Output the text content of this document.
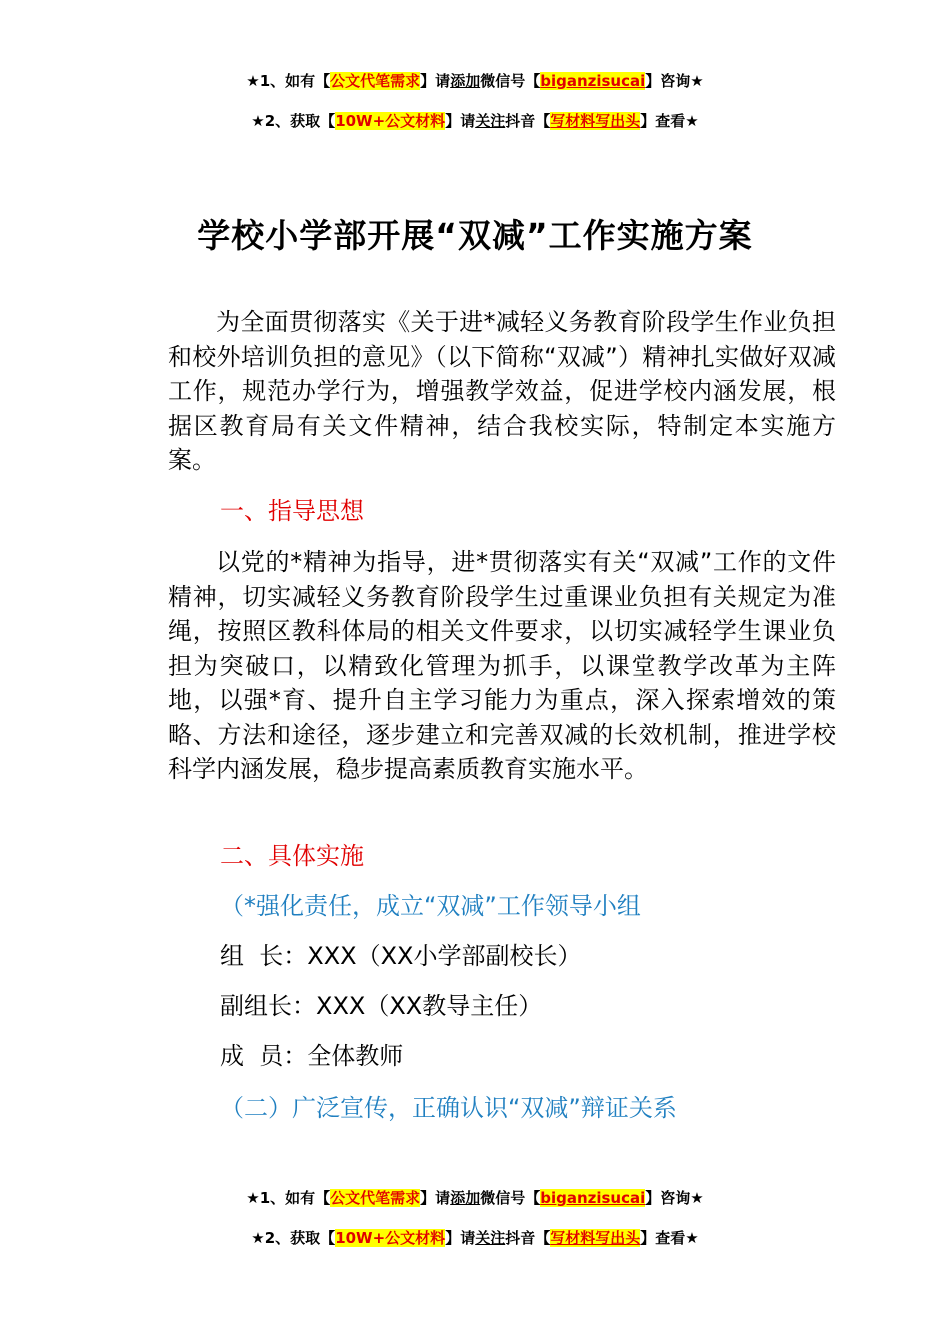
★1、如有【公文代笔需求】请添加微信号【biganzisucai】咨询★
★2、获取【10W+公文材料】请关注抖音【写材料写出头】查看★
学校小学部开展“双减”工作实施方案

为全面贯彻落实《关于进*减轻义务教育阶段学生作业负担和校外培训负担的意见》（以下简称“双减”）精神扎实做好双减工作，规范办学行为，增强教学效益，促进学校内涵发展，根据区教育局有关文件精神，结合我校实际，特制定本实施方案。

一、指导思想

以党的*精神为指导，进*贯彻落实有关“双减”工作的文件精神，切实减轻义务教育阶段学生过重课业负担有关规定为准绳，按照区教科体局的相关文件要求，以切实减轻学生课业负担为突破口，以精致化管理为抓手，以课堂教学改革为主阵地，以强*育、提升自主学习能力为重点，深入探索增效的策略、方法和途径，逐步建立和完善双减的长效机制，推进学校科学内涵发展，稳步提高素质教育实施水平。

二、具体实施
（*强化责任，成立“双减”工作领导小组
组  长：XXX（XX小学部副校长）
副组长：XXX（XX教导主任）
成  员：全体教师
（二）广泛宣传，正确认识“双减”辩证关系
★1、如有【公文代笔需求】请添加微信号【biganzisucai】咨询★
★2、获取【10W+公文材料】请关注抖音【写材料写出头】查看★
